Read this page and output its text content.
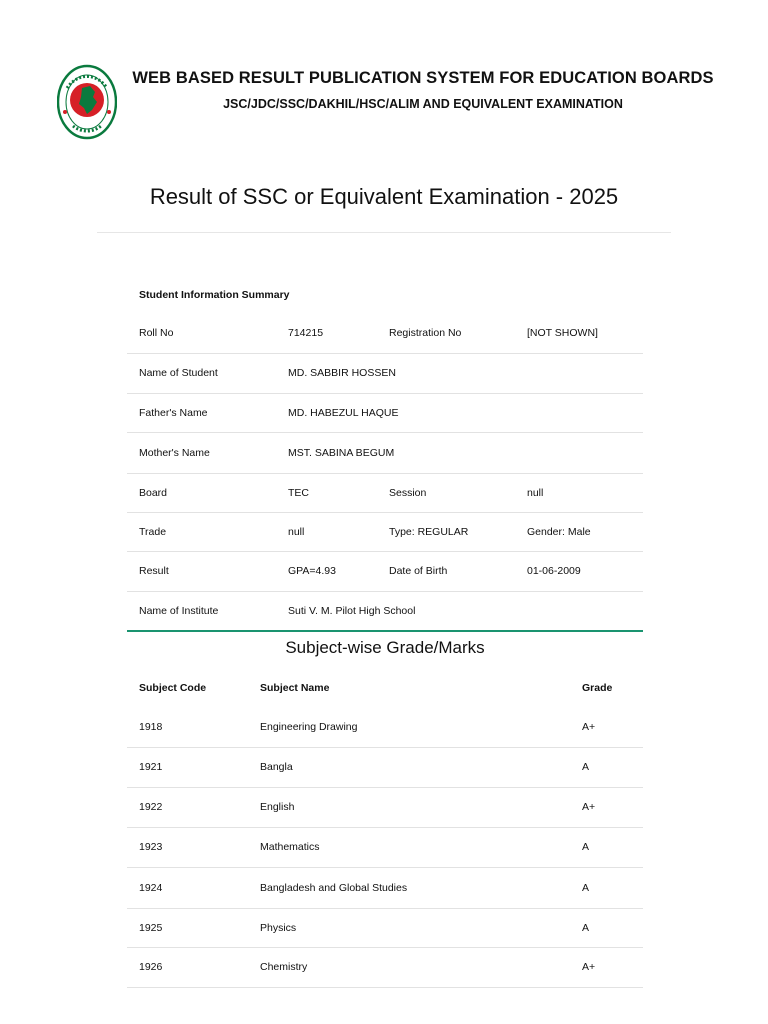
WEB BASED RESULT PUBLICATION SYSTEM FOR EDUCATION BOARDS
JSC/JDC/SSC/DAKHIL/HSC/ALIM AND EQUIVALENT EXAMINATION
Result of SSC or Equivalent Examination - 2025
Student Information Summary
Roll No	714215	Registration No	[NOT SHOWN]
Name of Student	MD. SABBIR HOSSEN
Father's Name	MD. HABEZUL HAQUE
Mother's Name	MST. SABINA BEGUM
Board	TEC	Session	null
Trade	null	Type: REGULAR	Gender: Male
Result	GPA=4.93	Date of Birth	01-06-2009
Name of Institute	Suti V. M. Pilot High School
Subject-wise Grade/Marks
Subject Code	Subject Name	Grade
1918	Engineering Drawing	A+
1921	Bangla	A
1922	English	A+
1923	Mathematics	A
1924	Bangladesh and Global Studies	A
1925	Physics	A
1926	Chemistry	A+
